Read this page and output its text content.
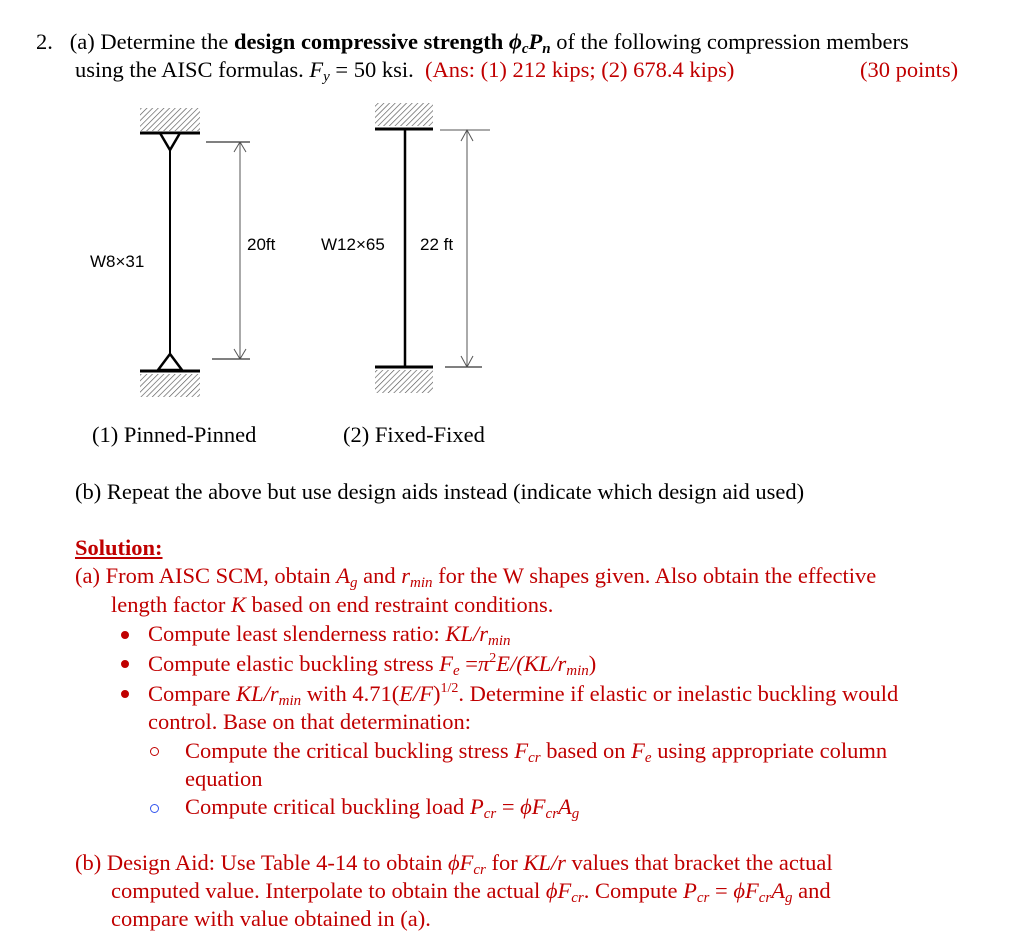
2. (a) Determine the design compressive strength $\phi_cP_n$ of the following compression members
using the AISC formulas. $F_y = 50$ ksi. (Ans: (1) 212 kips; (2) 678.4 kips)	(30 points)
W8×31
20ft	W12×65 22 ft
(1) Pinned-Pinned	(2) Fixed-Fixed
(b) Repeat the above but use design aids instead (indicate which design aid used)
Solution:
(a) From AISC SCM, obtain $A_g$ and $r_{min}$ for the W shapes given. Also obtain the effective
length factor K based on end restraint conditions.
Compute least slenderness ratio: $KL/r_{min}$
Compute elastic buckling stress $F_e =\pi^2E/(KL/r_{min})$
Compare $KL/r_{min}$ with $4.71(E/F)^{1/2}$. Determine if elastic or inelastic buckling would
control. Base on that determination:
Compute the critical buckling stress $F_{cr}$ based on $F_e$ using appropriate column
equation
Compute critical buckling load $P_{cr} = \phi F_{cr}A_g$
(b) Design Aid: Use Table 4-14 to obtain $\phi F_{cr}$ for KL/r values that bracket the actual
computed value. Interpolate to obtain the actual $\phi F_{cr}$. Compute $P_{cr} = \phi F_{cr}A_g$ and
compare with value obtained in (a).
